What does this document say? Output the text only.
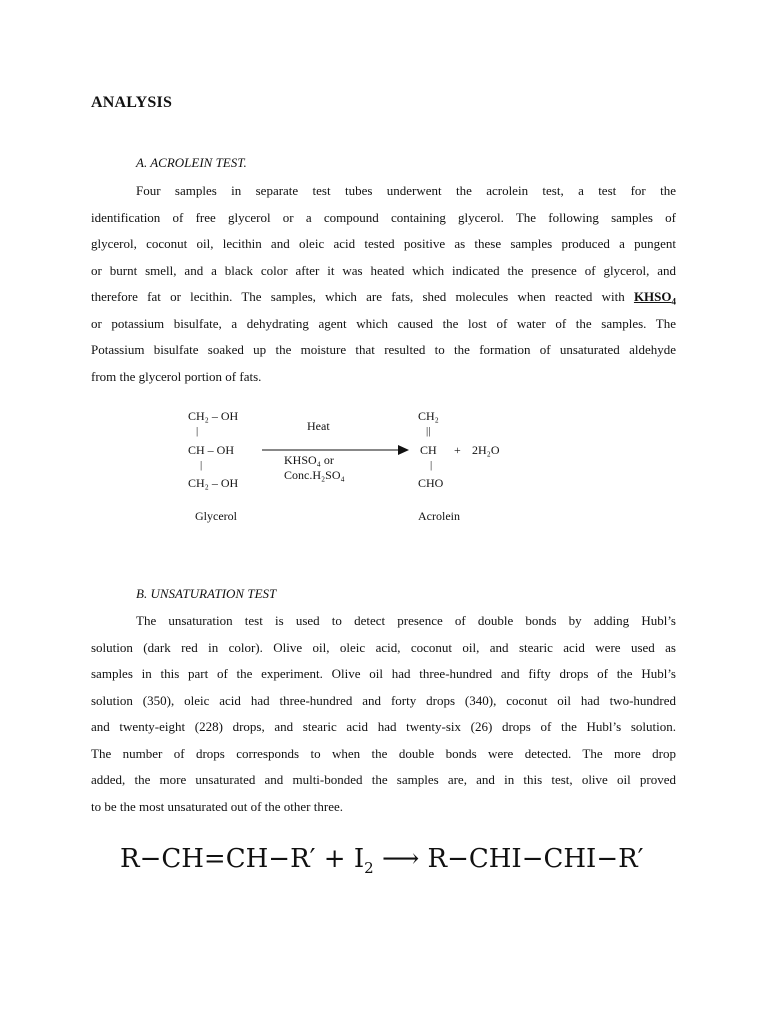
ANALYSIS
A. ACROLEIN TEST.
Four samples in separate test tubes underwent the acrolein test, a test for the
identification of free glycerol or a compound containing glycerol. The following samples of
glycerol, coconut oil, lecithin and oleic acid tested positive as these samples produced a pungent
or burnt smell, and a black color after it was heated which indicated the presence of glycerol, and
therefore fat or lecithin. The samples, which are fats, shed molecules when reacted with $KHSO_4$
or potassium bisulfate, a dehydrating agent which caused the lost of water of the samples. The
Potassium bisulfate soaked up the moisture that resulted to the formation of unsaturated aldehyde
from the glycerol portion of fats.
CH₂ – OH
|
CH – OH
|
CH₂ – OH
Glycerol
Heat
KHSO₄ or
Conc.H₂SO₄
CH₂
||
CH + 2H₂O
|
CHO
Acrolein
B. UNSATURATION TEST
The unsaturation test is used to detect presence of double bonds by adding Hubl’s
solution (dark red in color). Olive oil, oleic acid, coconut oil, and stearic acid were used as
samples in this part of the experiment. Olive oil had three-hundred and fifty drops of the Hubl’s
solution (350), oleic acid had three-hundred and forty drops (340), coconut oil had two-hundred
and twenty-eight (228) drops, and stearic acid had twenty-six (26) drops of the Hubl’s solution.
The number of drops corresponds to when the double bonds were detected. The more drop
added, the more unsaturated and multi-bonded the samples are, and in this test, olive oil proved
to be the most unsaturated out of the other three.
$R-CH=CH-R' + I_2$ ⟶ R−CHI−CHI−R′
